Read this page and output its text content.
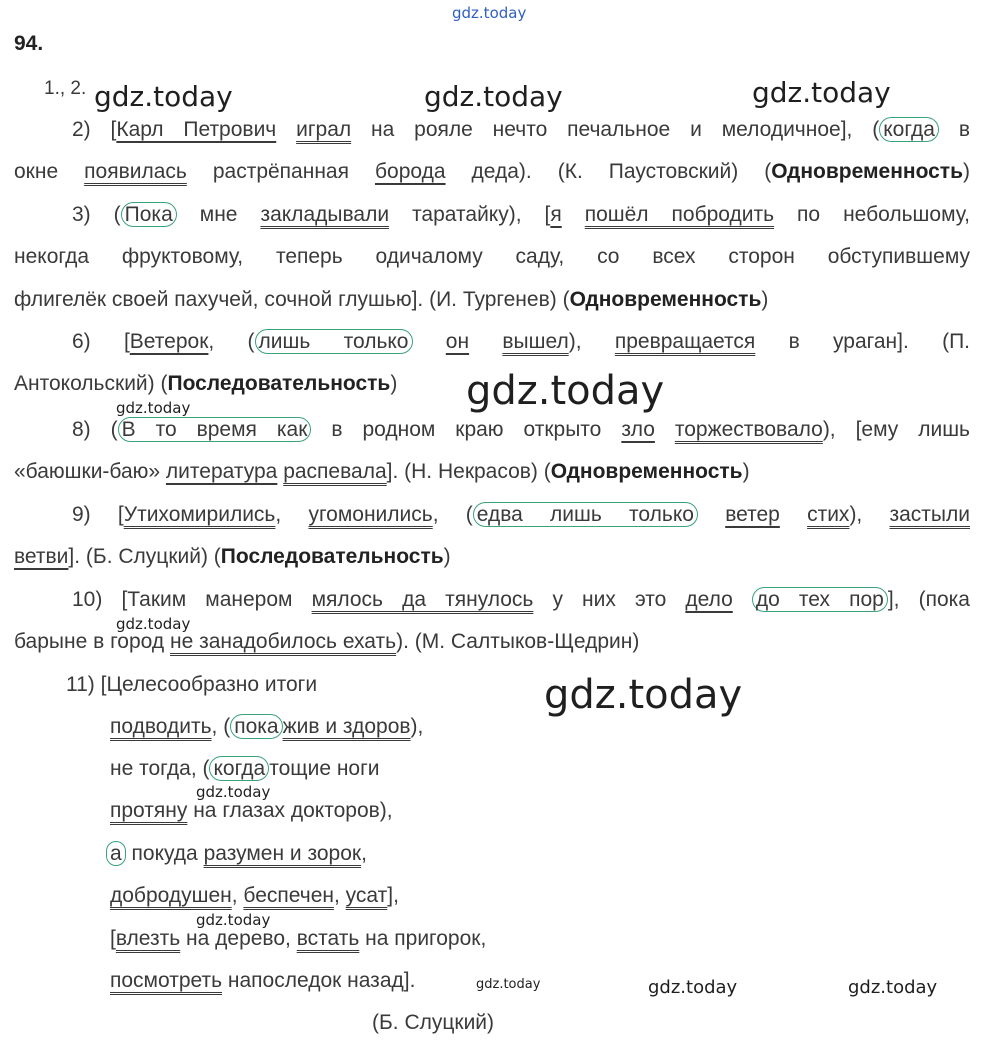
gdz.today
94.
1., 2.
2) [Карл Петрович играл на рояле нечто печальное и мелодичное], ( когда в
окне появилась растрёпанная борода деда). (К. Паустовский) (Одновременность)
3) ( Пока мне закладывали таратайку), [я пошёл побродить по небольшому,
некогда фруктовому, теперь одичалому саду, со всех сторон обступившему
флигелёк своей пахучей, сочной глушью]. (И. Тургенев) (Одновременность)
6) [Ветерок, ( лишь только он вышел), превращается в ураган]. (П.
Антокольский) (Последовательность)
8) ( В то время как в родном краю открыто зло торжествовало), [ему лишь
«баюшки-баю» литература распевала]. (Н. Некрасов) (Одновременность)
9) [Утихомирились, угомонились, ( едва лишь только ветер стих), застыли
ветви]. (Б. Слуцкий) (Последовательность)
10) [Таким манером мялось да тянулось у них это дело до тех пор ], (пока
барыне в город не занадобилось ехать). (М. Салтыков-Щедрин)
11) [Целесообразно итоги
подводить, ( пока жив и здоров),
не тогда, ( когда тощие ноги
протяну на глазах докторов),
а покуда разумен и зорок,
добродушен, беспечен, усат],
[влезть на дерево, встать на пригорок,
посмотреть напоследок назад].
(Б. Слуцкий)
gdz.today	gdz.today	gdz.today
gdz.today
gdz.today
gdz.today
gdz.today
gdz.today
gdz.today
gdz.today	gdz.today	gdz.today
